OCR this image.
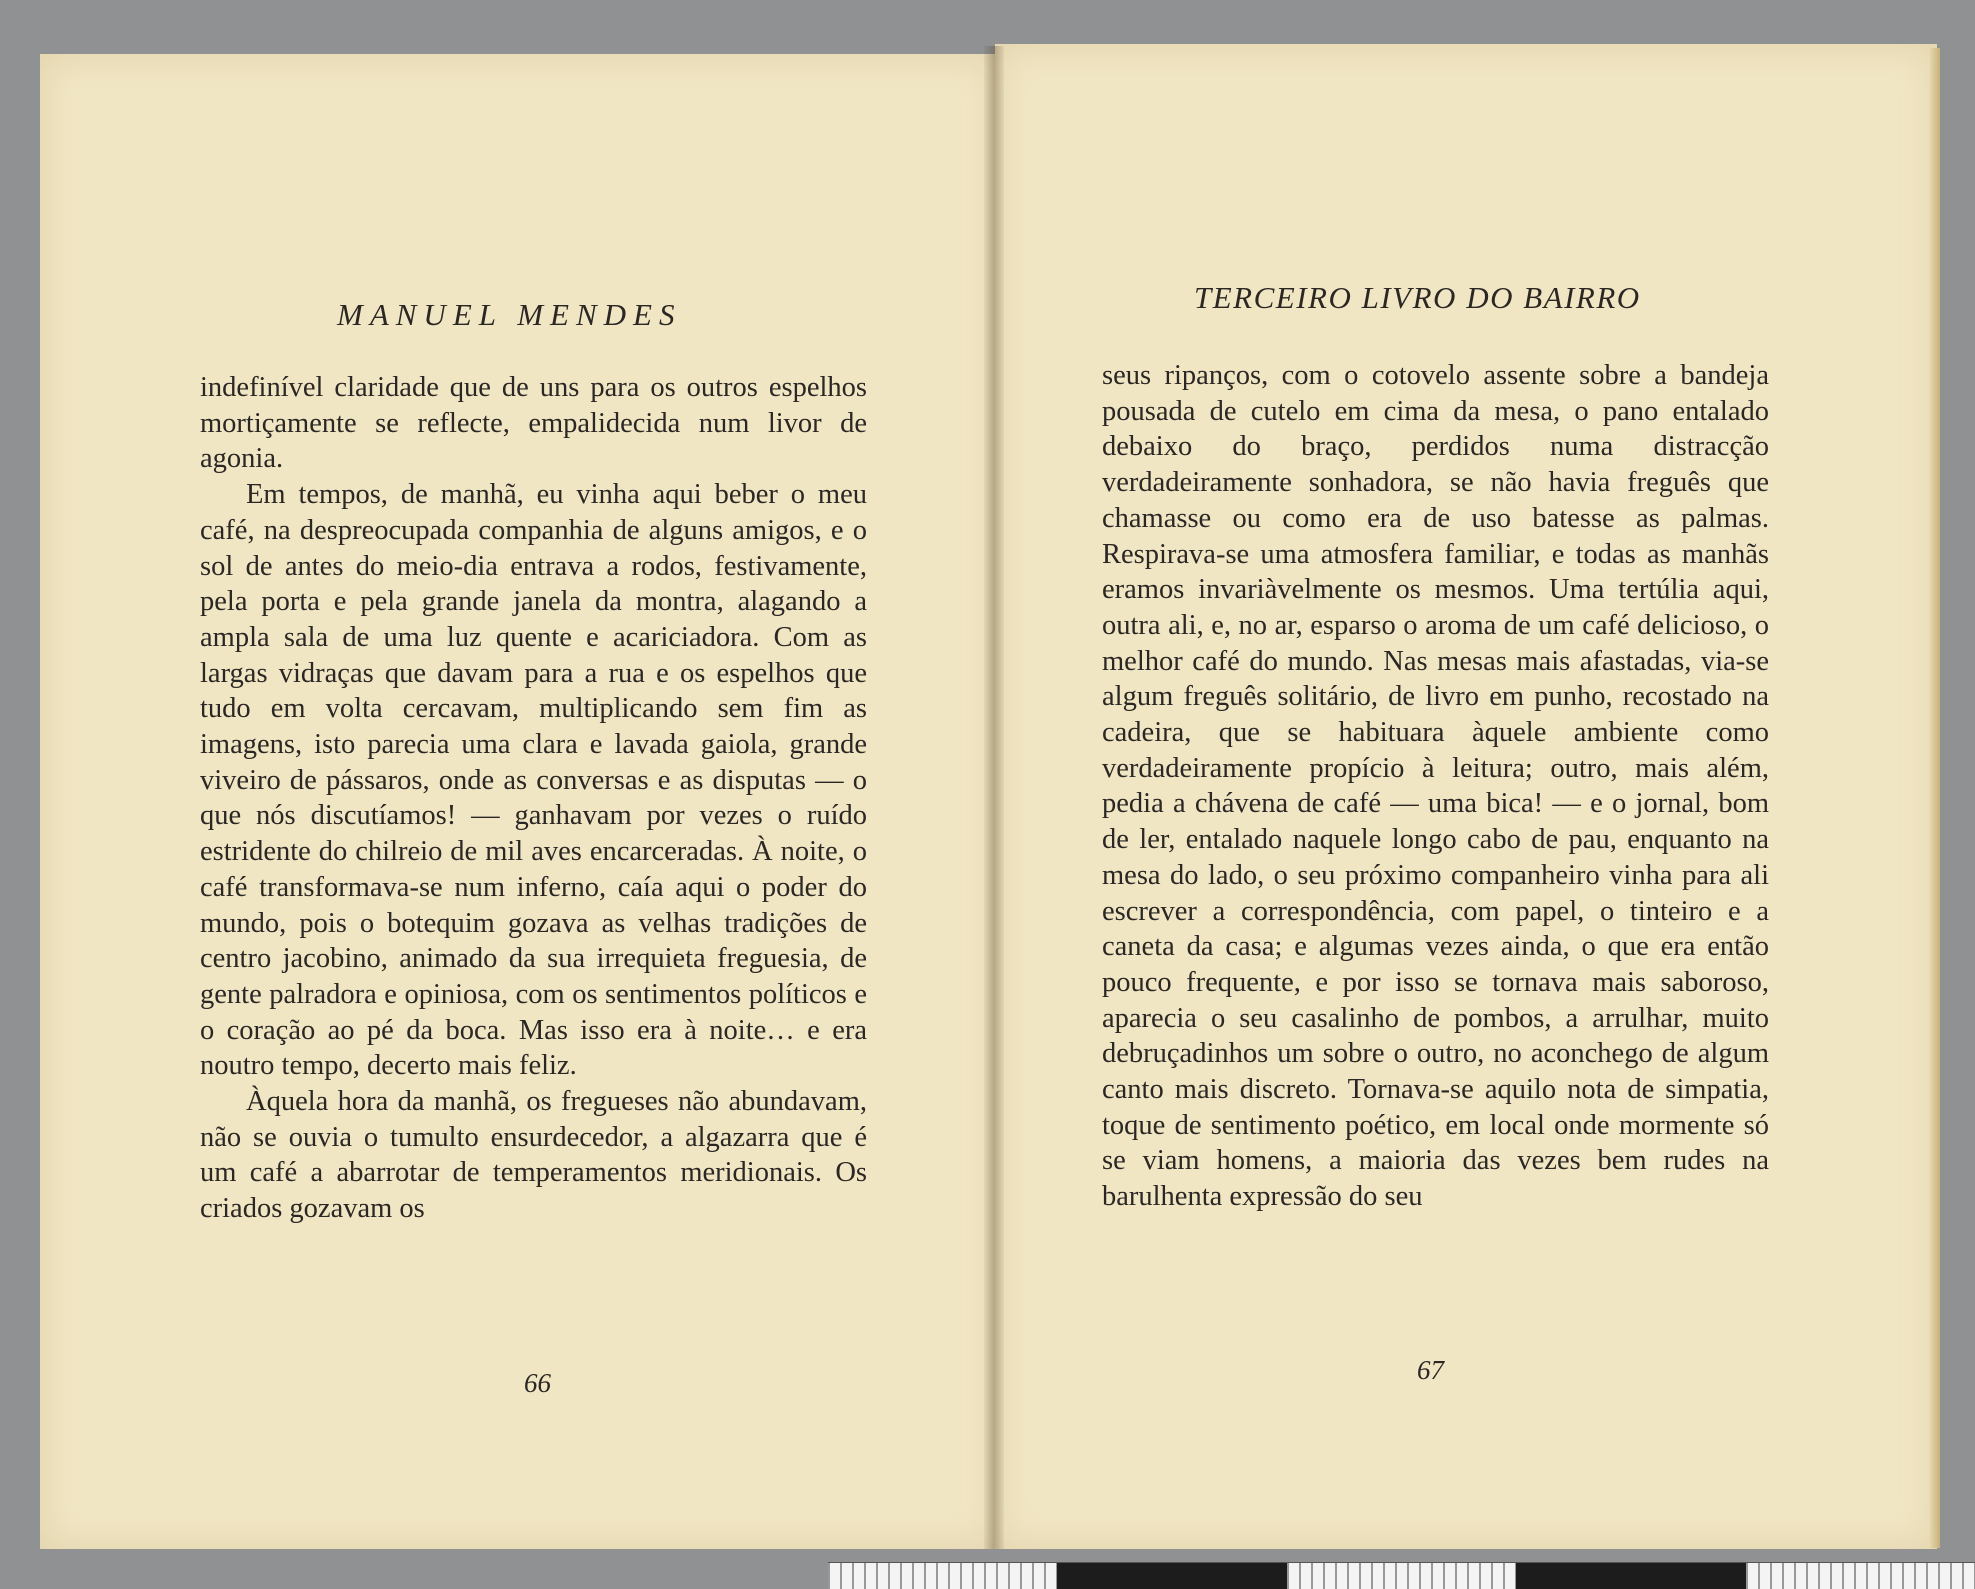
MANUEL MENDES

indefinível claridade que de uns para os outros espelhos mortiçamente se reflecte, empalidecida num livor de agonia.

Em tempos, de manhã, eu vinha aqui beber o meu café, na despreocupada companhia de alguns amigos, e o sol de antes do meio-dia entrava a rodos, festivamente, pela porta e pela grande janela da montra, alagando a ampla sala de uma luz quente e acariciadora. Com as largas vidraças que davam para a rua e os espelhos que tudo em volta cercavam, multiplicando sem fim as imagens, isto parecia uma clara e lavada gaiola, grande viveiro de pássaros, onde as conversas e as disputas — o que nós discutíamos! — ganhavam por vezes o ruído estridente do chilreio de mil aves encarceradas. À noite, o café transformava-se num inferno, caía aqui o poder do mundo, pois o botequim gozava as velhas tradições de centro jacobino, animado da sua irrequieta freguesia, de gente palradora e opiniosa, com os sentimentos políticos e o coração ao pé da boca. Mas isso era à noite… e era noutro tempo, decerto mais feliz.

Àquela hora da manhã, os fregueses não abundavam, não se ouvia o tumulto ensurdecedor, a algazarra que é um café a abarrotar de temperamentos meridionais. Os criados gozavam os

66

TERCEIRO LIVRO DO BAIRRO

seus ripanços, com o cotovelo assente sobre a bandeja pousada de cutelo em cima da mesa, o pano entalado debaixo do braço, perdidos numa distracção verdadeiramente sonhadora, se não havia freguês que chamasse ou como era de uso batesse as palmas. Respirava-se uma atmosfera familiar, e todas as manhãs eramos invariàvelmente os mesmos. Uma tertúlia aqui, outra ali, e, no ar, esparso o aroma de um café delicioso, o melhor café do mundo. Nas mesas mais afastadas, via-se algum freguês solitário, de livro em punho, recostado na cadeira, que se habituara àquele ambiente como verdadeiramente propício à leitura; outro, mais além, pedia a chávena de café — uma bica! — e o jornal, bom de ler, entalado naquele longo cabo de pau, enquanto na mesa do lado, o seu próximo companheiro vinha para ali escrever a correspondência, com papel, o tinteiro e a caneta da casa; e algumas vezes ainda, o que era então pouco frequente, e por isso se tornava mais saboroso, aparecia o seu casalinho de pombos, a arrulhar, muito debruçadinhos um sobre o outro, no aconchego de algum canto mais discreto. Tornava-se aquilo nota de simpatia, toque de sentimento poético, em local onde mormente só se viam homens, a maioria das vezes bem rudes na barulhenta expressão do seu

67
